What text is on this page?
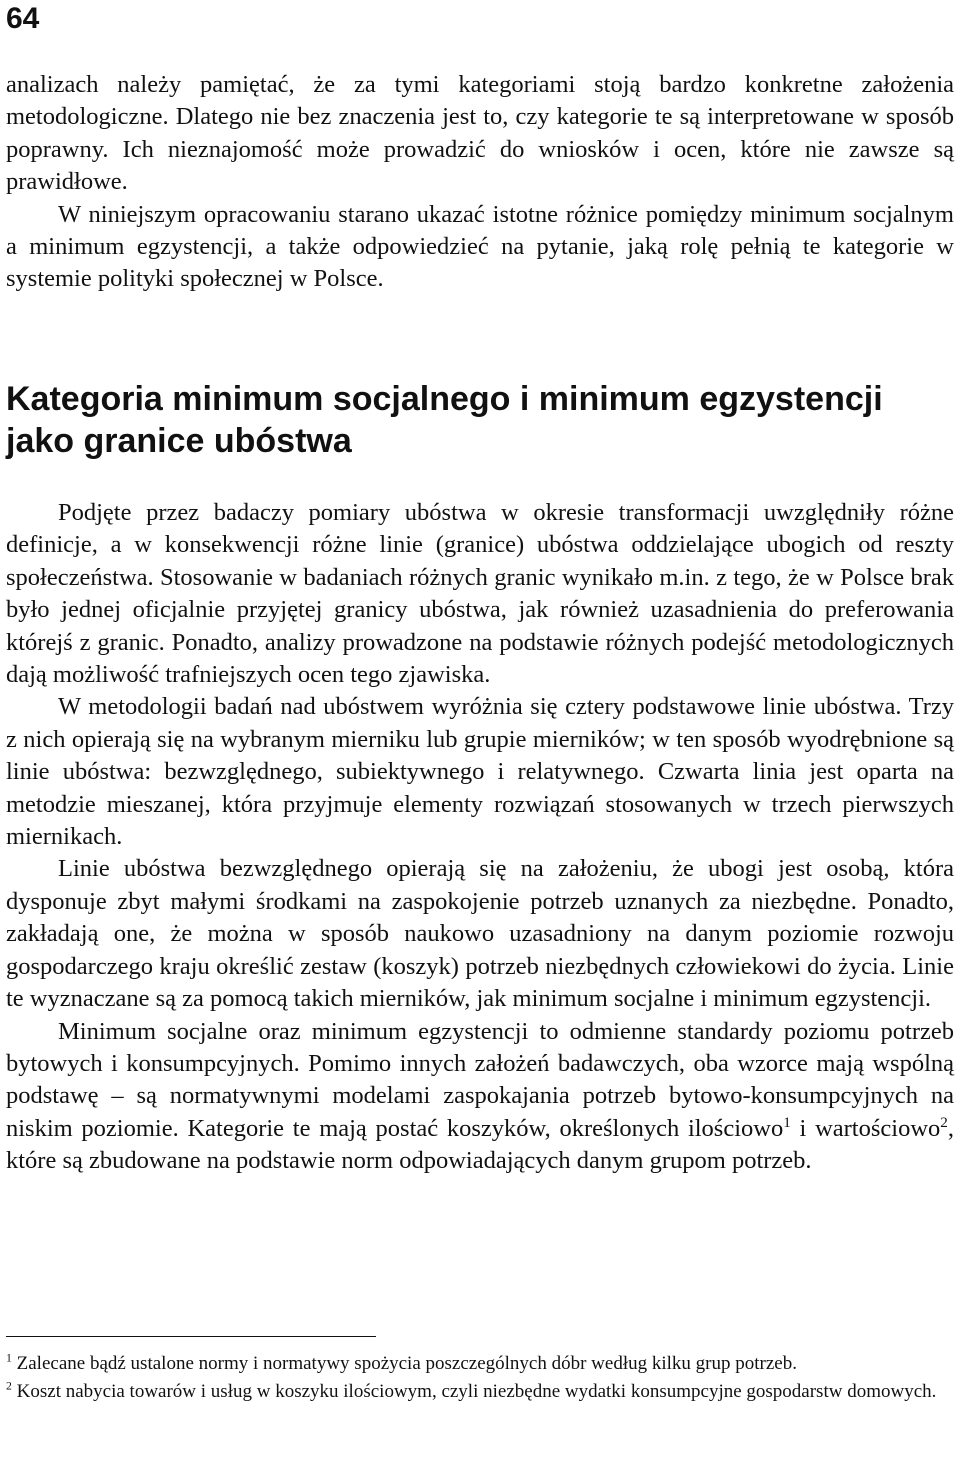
64

analizach należy pamiętać, że za tymi kategoriami stoją bardzo konkretne założenia metodologiczne. Dlatego nie bez znaczenia jest to, czy kategorie te są interpretowane w sposób poprawny. Ich nieznajomość może prowadzić do wniosków i ocen, które nie zawsze są prawidłowe.

W niniejszym opracowaniu starano ukazać istotne różnice pomiędzy minimum socjalnym a minimum egzystencji, a także odpowiedzieć na pytanie, jaką rolę pełnią te kategorie w systemie polityki społecznej w Polsce.

Kategoria minimum socjalnego i minimum egzystencji jako granice ubóstwa

Podjęte przez badaczy pomiary ubóstwa w okresie transformacji uwzględniły różne definicje, a w konsekwencji różne linie (granice) ubóstwa oddzielające ubogich od reszty społeczeństwa. Stosowanie w badaniach różnych granic wynikało m.in. z tego, że w Polsce brak było jednej oficjalnie przyjętej granicy ubóstwa, jak również uzasadnienia do preferowania którejś z granic. Ponadto, analizy prowadzone na podstawie różnych podejść metodologicznych dają możliwość trafniejszych ocen tego zjawiska.

W metodologii badań nad ubóstwem wyróżnia się cztery podstawowe linie ubóstwa. Trzy z nich opierają się na wybranym mierniku lub grupie mierników; w ten sposób wyodrębnione są linie ubóstwa: bezwzględnego, subiektywnego i relatywnego. Czwarta linia jest oparta na metodzie mieszanej, która przyjmuje elementy rozwiązań stosowanych w trzech pierwszych miernikach.

Linie ubóstwa bezwzględnego opierają się na założeniu, że ubogi jest osobą, która dysponuje zbyt małymi środkami na zaspokojenie potrzeb uznanych za niezbędne. Ponadto, zakładają one, że można w sposób naukowo uzasadniony na danym poziomie rozwoju gospodarczego kraju określić zestaw (koszyk) potrzeb niezbędnych człowiekowi do życia. Linie te wyznaczane są za pomocą takich mierników, jak minimum socjalne i minimum egzystencji.

Minimum socjalne oraz minimum egzystencji to odmienne standardy poziomu potrzeb bytowych i konsumpcyjnych. Pomimo innych założeń badawczych, oba wzorce mają wspólną podstawę – są normatywnymi modelami zaspokajania potrzeb bytowo-konsumpcyjnych na niskim poziomie. Kategorie te mają postać koszyków, określonych ilościowo$^1$ i wartościowo$^2$, które są zbudowane na podstawie norm odpowiadających danym grupom potrzeb.

$^1$ Zalecane bądź ustalone normy i normatywy spożycia poszczególnych dóbr według kilku grup potrzeb.

$^2$ Koszt nabycia towarów i usług w koszyku ilościowym, czyli niezbędne wydatki konsumpcyjne gospodarstw domowych.
